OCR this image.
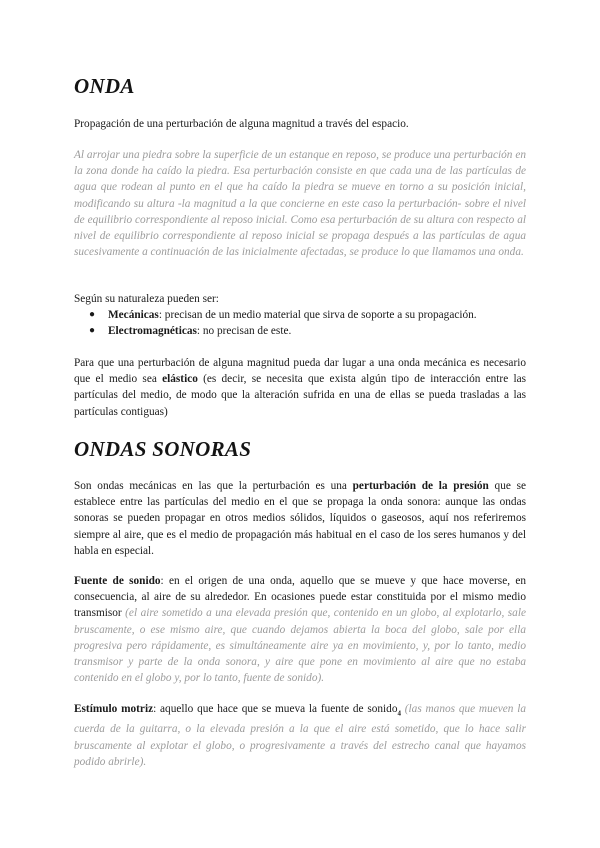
ONDA

Propagación de una perturbación de alguna magnitud a través del espacio.

Al arrojar una piedra sobre la superficie de un estanque en reposo, se produce una perturbación en la zona donde ha caído la piedra. Esa perturbación consiste en que cada una de las partículas de agua que rodean al punto en el que ha caído la piedra se mueve en torno a su posición inicial, modificando su altura -la magnitud a la que concierne en este caso la perturbación- sobre el nivel de equilibrio correspondiente al reposo inicial. Como esa perturbación de su altura con respecto al nivel de equilibrio correspondiente al reposo inicial se propaga después a las partículas de agua sucesivamente a continuación de las inicialmente afectadas, se produce lo que llamamos una onda.

Según su naturaleza pueden ser:

● Mecánicas: precisan de un medio material que sirva de soporte a su propagación.
● Electromagnéticas: no precisan de este.

Para que una perturbación de alguna magnitud pueda dar lugar a una onda mecánica es necesario que el medio sea elástico (es decir, se necesita que exista algún tipo de interacción entre las partículas del medio, de modo que la alteración sufrida en una de ellas se pueda trasladas a las partículas contiguas)

ONDAS SONORAS

Son ondas mecánicas en las que la perturbación es una perturbación de la presión que se establece entre las partículas del medio en el que se propaga la onda sonora: aunque las ondas sonoras se pueden propagar en otros medios sólidos, líquidos o gaseosos, aquí nos referiremos siempre al aire, que es el medio de propagación más habitual en el caso de los seres humanos y del habla en especial.

Fuente de sonido: en el origen de una onda, aquello que se mueve y que hace moverse, en consecuencia, al aire de su alrededor. En ocasiones puede estar constituida por el mismo medio transmisor (el aire sometido a una elevada presión que, contenido en un globo, al explotarlo, sale bruscamente, o ese mismo aire, que cuando dejamos abierta la boca del globo, sale por ella progresiva pero rápidamente, es simultáneamente aire ya en movimiento, y, por lo tanto, medio transmisor y parte de la onda sonora, y aire que pone en movimiento al aire que no estaba contenido en el globo y, por lo tanto, fuente de sonido).

Estímulo motriz: aquello que hace que se mueva la fuente de sonido$_4$ (las manos que mueven la cuerda de la guitarra, o la elevada presión a la que el aire está sometido, que lo hace salir bruscamente al explotar el globo, o progresivamente a través del estrecho canal que hayamos podido abrirle).
